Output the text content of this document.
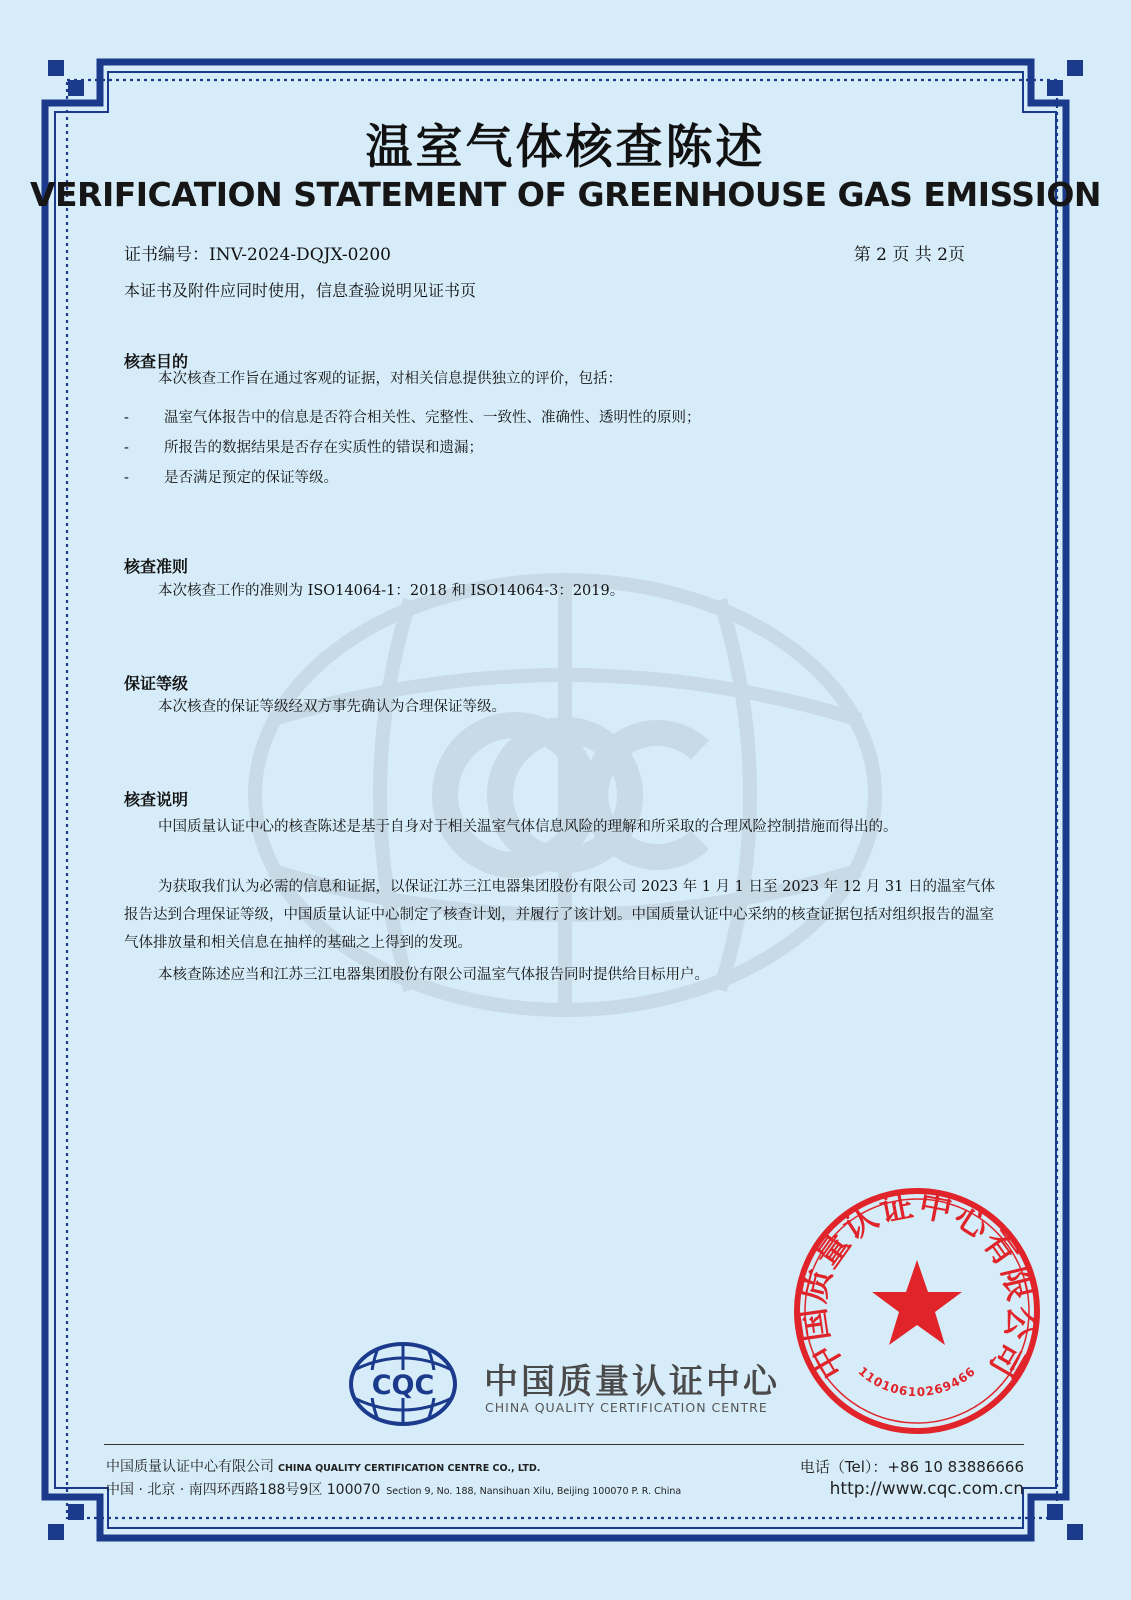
温室气体核查陈述
VERIFICATION STATEMENT OF GREENHOUSE GAS EMISSION
证书编号：INV-2024-DQJX-0200	第 2 页 共 2页
本证书及附件应同时使用，信息查验说明见证书页
核查目的
本次核查工作旨在通过客观的证据，对相关信息提供独立的评价，包括：
- 温室气体报告中的信息是否符合相关性、完整性、一致性、准确性、透明性的原则；
- 所报告的数据结果是否存在实质性的错误和遗漏；
- 是否满足预定的保证等级。
核查准则
本次核查工作的准则为 ISO14064-1：2018 和 ISO14064-3：2019。
保证等级
本次核查的保证等级经双方事先确认为合理保证等级。
核查说明
中国质量认证中心的核查陈述是基于自身对于相关温室气体信息风险的理解和所采取的合理风险控制措施而得出的。
为获取我们认为必需的信息和证据，以保证江苏三江电器集团股份有限公司 2023 年 1 月 1 日至 2023 年 12 月 31 日的温室气体报告达到合理保证等级，中国质量认证中心制定了核查计划，并履行了该计划。中国质量认证中心采纳的核查证据包括对组织报告的温室气体排放量和相关信息在抽样的基础之上得到的发现。
本核查陈述应当和江苏三江电器集团股份有限公司温室气体报告同时提供给目标用户。
CQC 中国质量认证中心
CHINA QUALITY CERTIFICATION CENTRE
中国质量认证中心有限公司
1101061026946​6
中国质量认证中心有限公司 CHINA QUALITY CERTIFICATION CENTRE CO., LTD.
中国 · 北京 · 南四环西路188号9区 100070 Section 9, No. 188, Nansihuan Xilu, Beijing 100070 P. R. China
电话（Tel）：+86 10 83886666
http://www.cqc.com.cn
